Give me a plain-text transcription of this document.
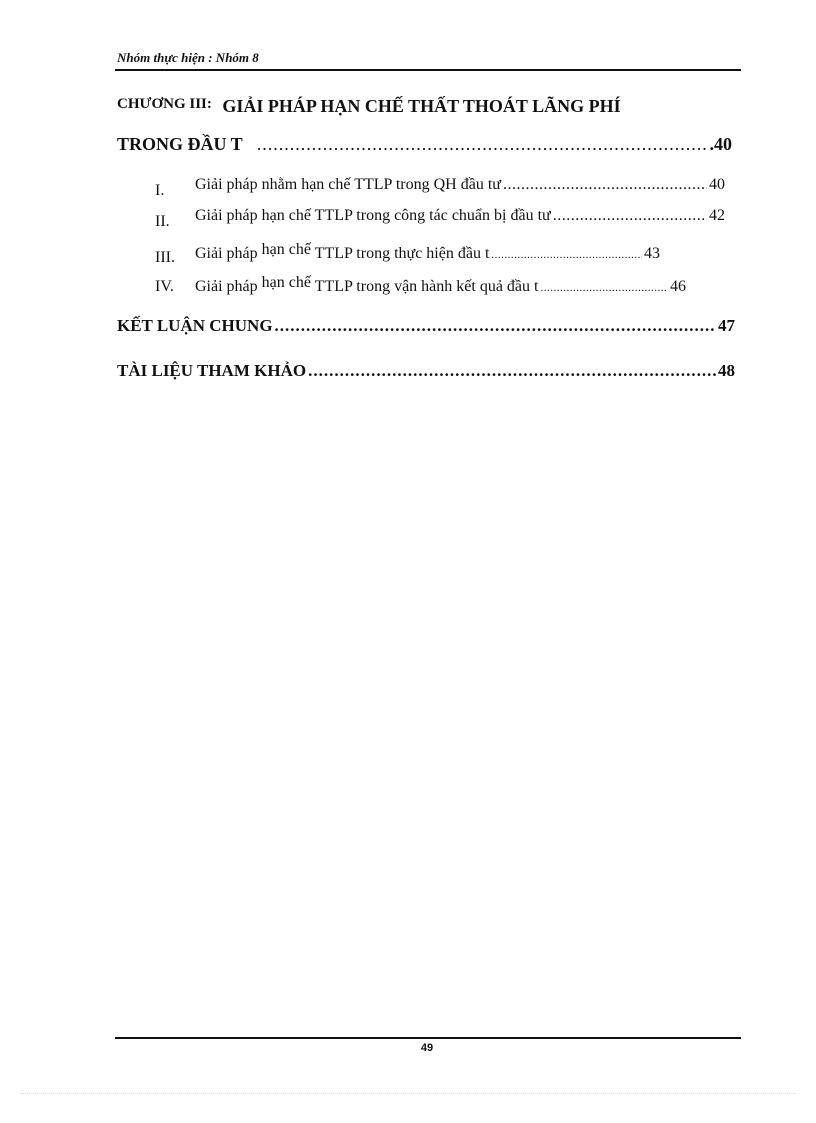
Nhóm thực hiện : Nhóm 8
$^{CHƯƠNG III:}$ GIẢI PHÁP HẠN CHẾ THẤT THOÁT LÃNG PHÍ
TRONG ĐẦU T .....	.40
I.	Giải pháp nhằm hạn chế TTLP trong QH đầu tư .....	40
II.	Giải pháp hạn chế TTLP trong công tác chuẩn bị đầu tư .....	42
III.	Giải pháp hạn chế TTLP trong thực hiện đầu t .....	43
IV.	Giải pháp hạn chế TTLP trong vận hành kết quả đầu t .....	46
KẾT LUẬN CHUNG .....	47
TÀI LIỆU THAM KHẢO .....	48
49
